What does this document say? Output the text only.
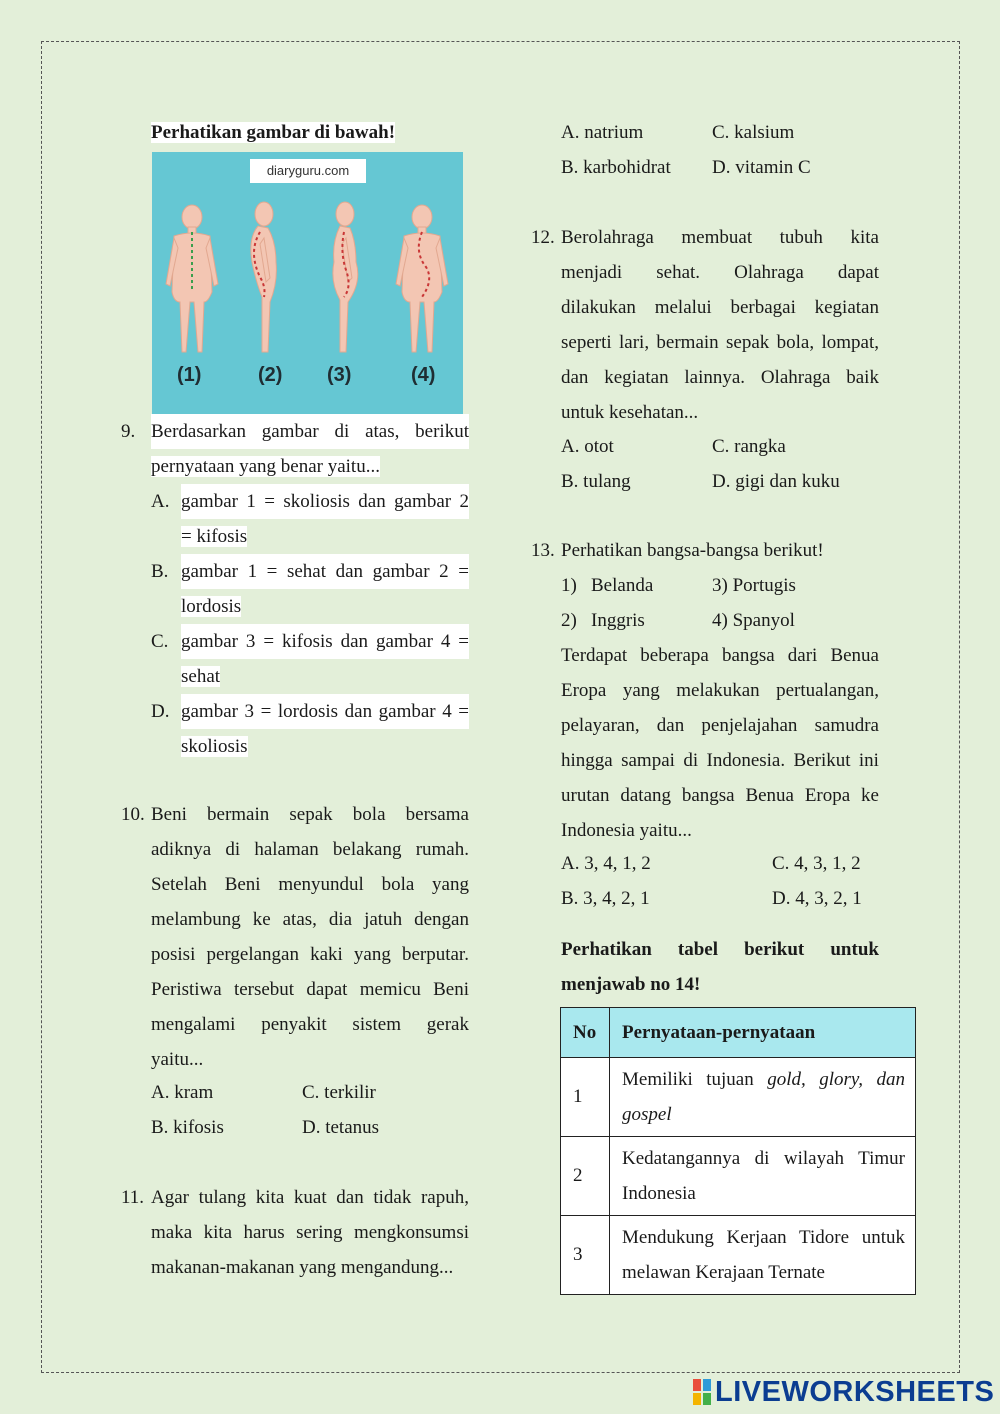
Perhatikan gambar di bawah!
diaryguru.com
(1)	(2) (3)	(4)
9. Berdasarkan gambar di atas, berikut
pernyataan yang benar yaitu...
A. gambar 1 = skoliosis dan gambar 2
= kifosis
B. gambar 1 = sehat dan gambar 2 =
lordosis
C. gambar 3 = kifosis dan gambar 4 =
sehat
D. gambar 3 = lordosis dan gambar 4 =
skoliosis
10. Beni bermain sepak bola bersama
adiknya di halaman belakang rumah.
Setelah Beni menyundul bola yang
melambung ke atas, dia jatuh dengan
posisi pergelangan kaki yang berputar.
Peristiwa tersebut dapat memicu Beni
mengalami penyakit sistem gerak
yaitu...
A. kram	C. terkilir
B. kifosis	D. tetanus
11. Agar tulang kita kuat dan tidak rapuh,
maka kita harus sering mengkonsumsi
makanan-makanan yang mengandung...
A. natrium	C. kalsium
B. karbohidrat D. vitamin C
12. Berolahraga membuat tubuh kita
menjadi sehat. Olahraga dapat
dilakukan melalui berbagai kegiatan
seperti lari, bermain sepak bola, lompat,
dan kegiatan lainnya. Olahraga baik
untuk kesehatan...
A. otot	C. rangka
B. tulang	D. gigi dan kuku
13. Perhatikan bangsa-bangsa berikut!
1) Belanda	3) Portugis
2) Inggris	4) Spanyol
Terdapat beberapa bangsa dari Benua
Eropa yang melakukan pertualangan,
pelayaran, dan penjelajahan samudra
hingga sampai di Indonesia. Berikut ini
urutan datang bangsa Benua Eropa ke
Indonesia yaitu...
A. 3, 4, 1, 2	C. 4, 3, 1, 2
B. 3, 4, 2, 1	D. 4, 3, 2, 1
Perhatikan tabel berikut untuk
menjawab no 14!
No	Pernyataan-pernyataan
1	Memiliki tujuan gold, glory, dan gospel
2	Kedatangannya di wilayah Timur Indonesia
3	Mendukung Kerjaan Tidore untuk melawan Kerajaan Ternate
LIVEWORKSHEETS
